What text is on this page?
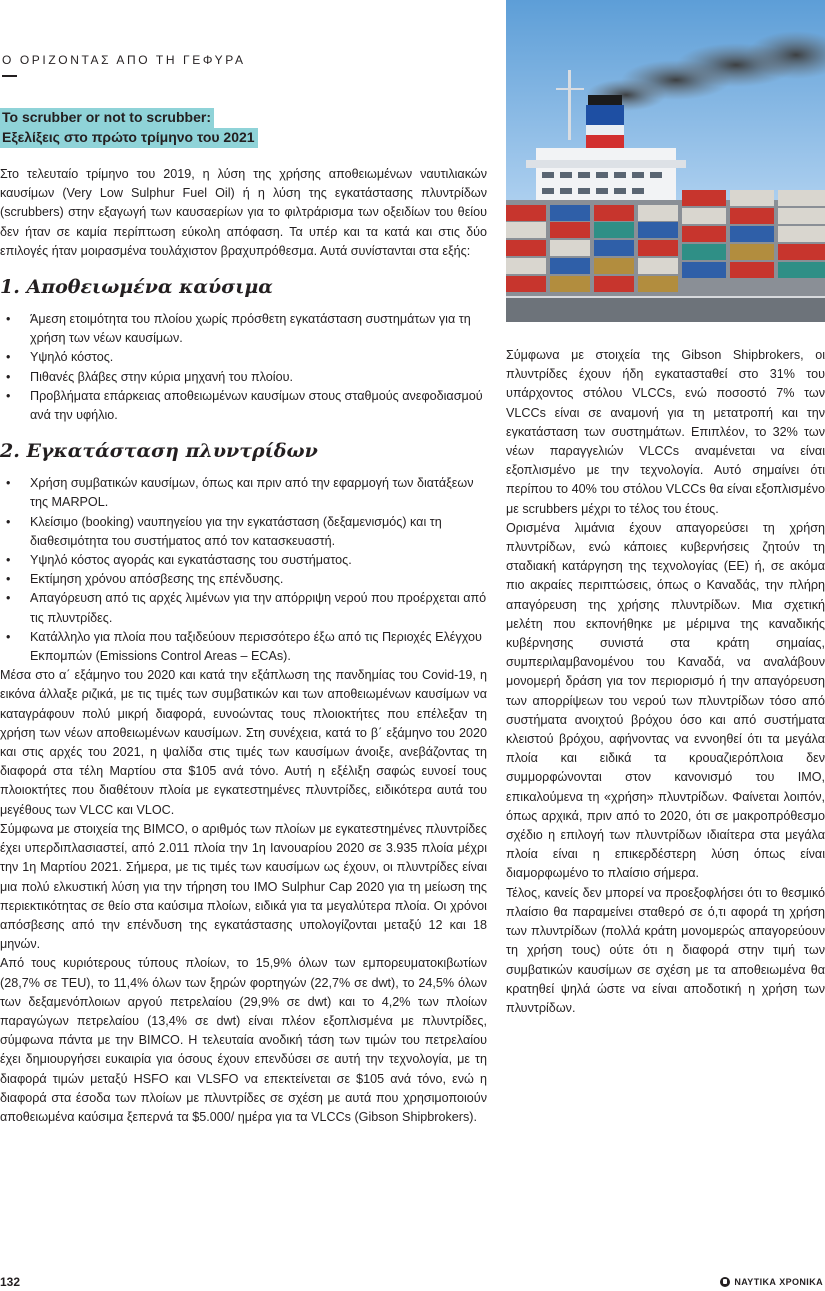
Ο ΟΡΙΖΟΝΤΑΣ ΑΠΟ ΤΗ ΓΕΦΥΡΑ
To scrubber or not to scrubber:
Εξελίξεις στο πρώτο τρίμηνο του 2021

Στο τελευταίο τρίμηνο του 2019, η λύση της χρήσης αποθειωμένων ναυτιλιακών καυσίμων (Very Low Sulphur Fuel Oil) ή η λύση της εγκατάστασης πλυντρίδων (scrubbers) στην εξαγωγή των καυσαερίων για το φιλτράρισμα των οξειδίων του θείου δεν ήταν σε καμία περίπτωση εύκολη απόφαση. Τα υπέρ και τα κατά και στις δύο επιλογές ήταν μοιρασμένα τουλάχιστον βραχυπρόθεσμα. Αυτά συνίστανται στα εξής:

1. Αποθειωμένα καύσιμα
• Άμεση ετοιμότητα του πλοίου χωρίς πρόσθετη εγκατάσταση συστημάτων για τη χρήση των νέων καυσίμων.
• Υψηλό κόστος.
• Πιθανές βλάβες στην κύρια μηχανή του πλοίου.
• Προβλήματα επάρκειας αποθειωμένων καυσίμων στους σταθμούς ανεφοδιασμού ανά την υφήλιο.
2. Εγκατάσταση πλυντρίδων
• Χρήση συμβατικών καυσίμων, όπως και πριν από την εφαρμογή των διατάξεων της MARPOL.
• Κλείσιμο (booking) ναυπηγείου για την εγκατάσταση (δεξαμενισμός) και τη διαθεσιμότητα του συστήματος από τον κατασκευαστή.
• Υψηλό κόστος αγοράς και εγκατάστασης του συστήματος.
• Εκτίμηση χρόνου απόσβεσης της επένδυσης.
• Απαγόρευση από τις αρχές λιμένων για την απόρριψη νερού που προέρχεται από τις πλυντρίδες.
• Κατάλληλο για πλοία που ταξιδεύουν περισσότερο έξω από τις Περιοχές Ελέγχου Εκπομπών (Emissions Control Areas – ECAs).

Μέσα στο α΄ εξάμηνο του 2020 και κατά την εξάπλωση της πανδημίας του Covid-19, η εικόνα άλλαξε ριζικά, με τις τιμές των συμβατικών και των αποθειωμένων καυσίμων να καταγράφουν πολύ μικρή διαφορά, ευνοώντας τους πλοιοκτήτες που επέλεξαν τη χρήση των νέων αποθειωμένων καυσίμων. Στη συνέχεια, κατά το β΄ εξάμηνο του 2020 και στις αρχές του 2021, η ψαλίδα στις τιμές των καυσίμων άνοιξε, ανεβάζοντας τη διαφορά στα τέλη Μαρτίου στα $105 ανά τόνο. Αυτή η εξέλιξη σαφώς ευνοεί τους πλοιοκτήτες που διαθέτουν πλοία με εγκατεστημένες πλυντρίδες, ειδικότερα αυτά του μεγέθους των VLCC και VLOC.

Σύμφωνα με στοιχεία της BIMCO, ο αριθμός των πλοίων με εγκατεστημένες πλυντρίδες έχει υπερδιπλασιαστεί, από 2.011 πλοία την 1η Ιανουαρίου 2020 σε 3.935 πλοία μέχρι την 1η Μαρτίου 2021. Σήμερα, με τις τιμές των καυσίμων ως έχουν, οι πλυντρίδες είναι μια πολύ ελκυστική λύση για την τήρηση του IMO Sulphur Cap 2020 για τη μείωση της περιεκτικότητας σε θείο στα καύσιμα πλοίων, ειδικά για τα μεγαλύτερα πλοία. Οι χρόνοι απόσβεσης από την επένδυση της εγκατάστασης υπολογίζονται μεταξύ 12 και 18 μηνών.

Από τους κυριότερους τύπους πλοίων, το 15,9% όλων των εμπορευματοκιβωτίων (28,7% σε TEU), το 11,4% όλων των ξηρών φορτηγών (22,7% σε dwt), το 24,5% όλων των δεξαμενόπλοιων αργού πετρελαίου (29,9% σε dwt) και το 4,2% των πλοίων παραγώγων πετρελαίου (13,4% σε dwt) είναι πλέον εξοπλισμένα με πλυντρίδες, σύμφωνα πάντα με την BIMCO. Η τελευταία ανοδική τάση των τιμών του πετρελαίου έχει δημιουργήσει ευκαιρία για όσους έχουν επενδύσει σε αυτή την τεχνολογία, με τη διαφορά τιμών μεταξύ HSFO και VLSFO να επεκτείνεται σε $105 ανά τόνο, ενώ η διαφορά στα έσοδα των πλοίων με πλυντρίδες σε σχέση με αυτά που χρησιμοποιούν αποθειωμένα καύσιμα ξεπερνά τα $5.000/ ημέρα για τα VLCCs (Gibson Shipbrokers).

Σύμφωνα με στοιχεία της Gibson Shipbrokers, οι πλυντρίδες έχουν ήδη εγκατασταθεί στο 31% του υπάρχοντος στόλου VLCCs, ενώ ποσοστό 7% των VLCCs είναι σε αναμονή για τη μετατροπή και την εγκατάσταση των συστημάτων. Επιπλέον, το 32% των νέων παραγγελιών VLCCs αναμένεται να είναι εξοπλισμένο με την τεχνολογία. Αυτό σημαίνει ότι περίπου το 40% του στόλου VLCCs θα είναι εξοπλισμένο με scrubbers μέχρι το τέλος του έτους.

Ορισμένα λιμάνια έχουν απαγορεύσει τη χρήση πλυντρίδων, ενώ κάποιες κυβερνήσεις ζητούν τη σταδιακή κατάργηση της τεχνολογίας (ΕΕ) ή, σε ακόμα πιο ακραίες περιπτώσεις, όπως ο Καναδάς, την πλήρη απαγόρευση της χρήσης πλυντρίδων. Μια σχετική μελέτη που εκπονήθηκε με μέριμνα της καναδικής κυβέρνησης συνιστά στα κράτη σημαίας, συμπεριλαμβανομένου του Καναδά, να αναλάβουν μονομερή δράση για τον περιορισμό ή την απαγόρευση των απορρίψεων του νερού των πλυντρίδων τόσο από συστήματα ανοιχτού βρόχου όσο και από συστήματα κλειστού βρόχου, αφήνοντας να εννοηθεί ότι τα μεγάλα πλοία και ειδικά τα κρουαζιερόπλοια δεν συμμορφώνονται στον κανονισμό του IMO, επικαλούμενα τη «χρήση» πλυντρίδων. Φαίνεται λοιπόν, όπως αρχικά, πριν από το 2020, ότι σε μακροπρόθεσμο σχέδιο η επιλογή των πλυντρίδων ιδιαίτερα στα μεγάλα πλοία είναι η επικερδέστερη λύση όπως είναι διαμορφωμένο το πλαίσιο σήμερα.

Τέλος, κανείς δεν μπορεί να προεξοφλήσει ότι το θεσμικό πλαίσιο θα παραμείνει σταθερό σε ό,τι αφορά τη χρήση των πλυντρίδων (πολλά κράτη μονομερώς απαγορεύουν τη χρήση τους) ούτε ότι η διαφορά στην τιμή των συμβατικών καυσίμων σε σχέση με τα αποθειωμένα θα κρατηθεί ψηλά ώστε να είναι αποδοτική η χρήση των πλυντρίδων.

132	ΝΑΥΤΙΚΑ ΧΡΟΝΙΚΑ
